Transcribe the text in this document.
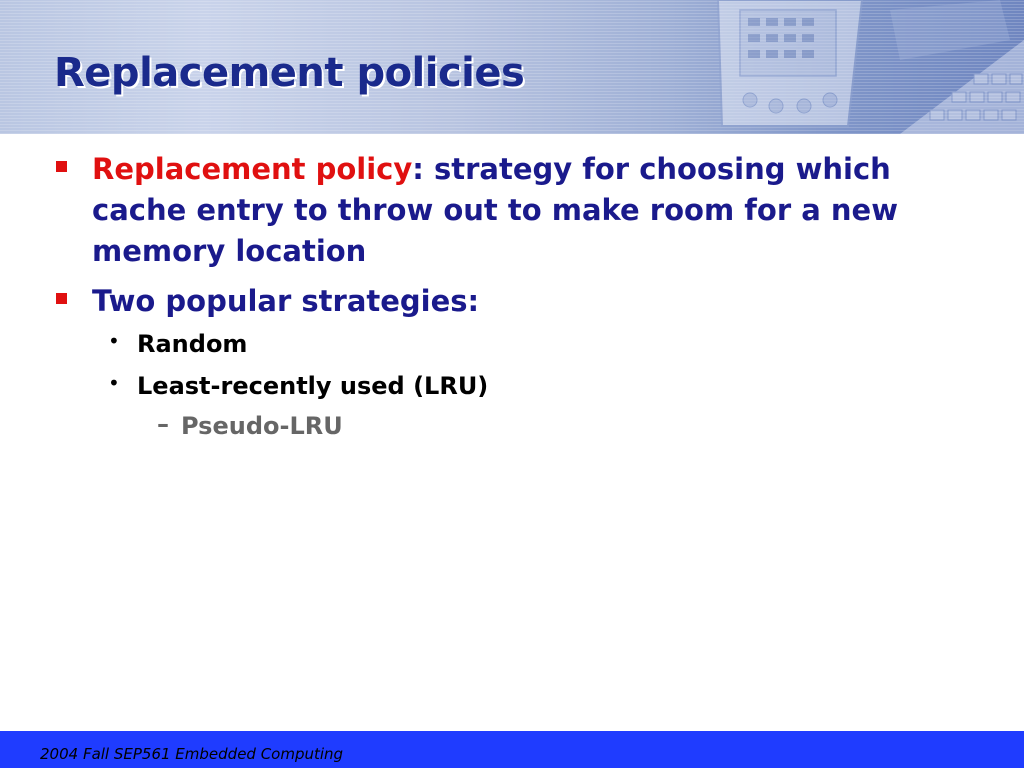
Replacement policies
Replacement policy: strategy for choosing which cache entry to throw out to make room for a new memory location
Two popular strategies:
• Random
• Least-recently used (LRU)
– Pseudo-LRU
2004 Fall SEP561 Embedded Computing
